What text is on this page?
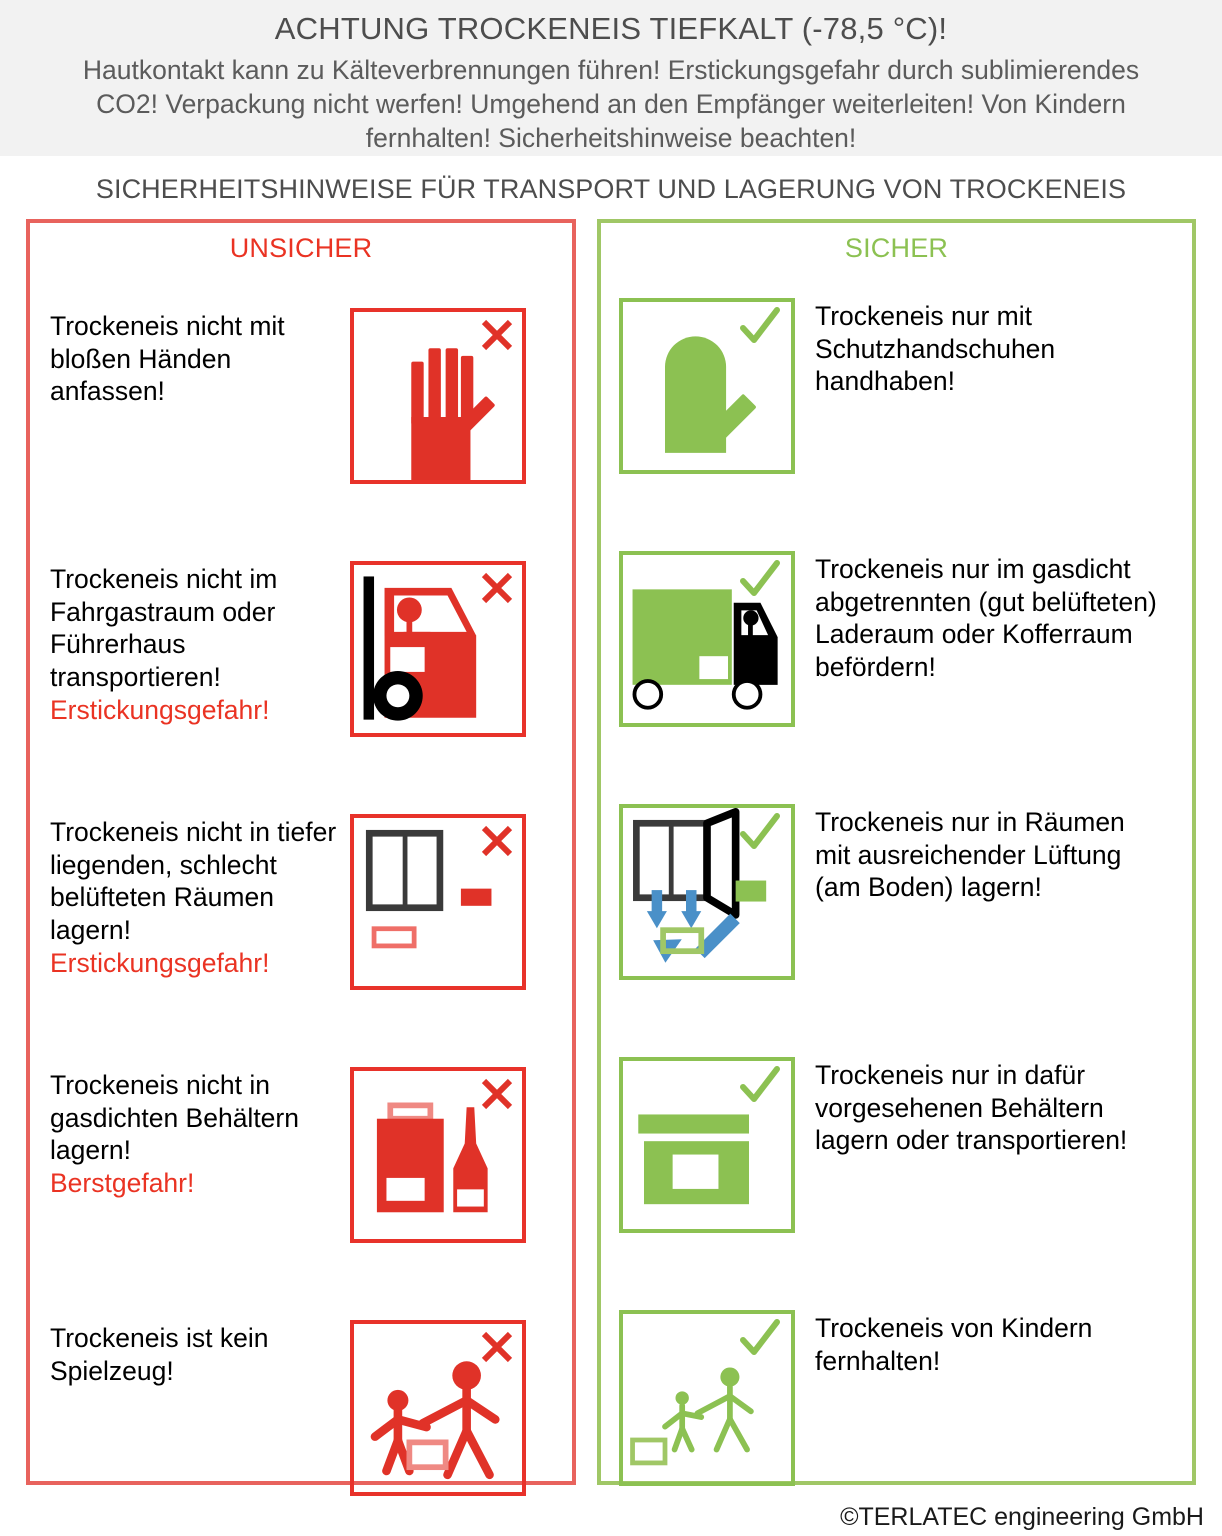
ACHTUNG TROCKENEIS TIEFKALT (-78,5 °C)!
Hautkontakt kann zu Kälteverbrennungen führen! Erstickungsgefahr durch sublimierendes CO2! Verpackung nicht werfen! Umgehend an den Empfänger weiterleiten! Von Kindern fernhalten! Sicherheitshinweise beachten!
SICHERHEITSHINWEISE FÜR TRANSPORT UND LAGERUNG VON TROCKENEIS
UNSICHER
Trockeneis nicht mit bloßen Händen anfassen!
Trockeneis nicht im Fahrgastraum oder Führerhaus transportieren!
Erstickungsgefahr!
Trockeneis nicht in tiefer liegenden, schlecht belüfteten Räumen lagern!
Erstickungsgefahr!
Trockeneis nicht in gasdichten Behältern lagern!
Berstgefahr!
Trockeneis ist kein Spielzeug!
SICHER
Trockeneis nur mit Schutzhandschuhen handhaben!
Trockeneis nur im gasdicht abgetrennten (gut belüfteten) Laderaum oder Kofferraum befördern!
Trockeneis nur in Räumen mit ausreichender Lüftung (am Boden) lagern!
Trockeneis nur in dafür vorgesehenen Behältern lagern oder transportieren!
Trockeneis von Kindern fernhalten!
©TERLATEC engineering GmbH
